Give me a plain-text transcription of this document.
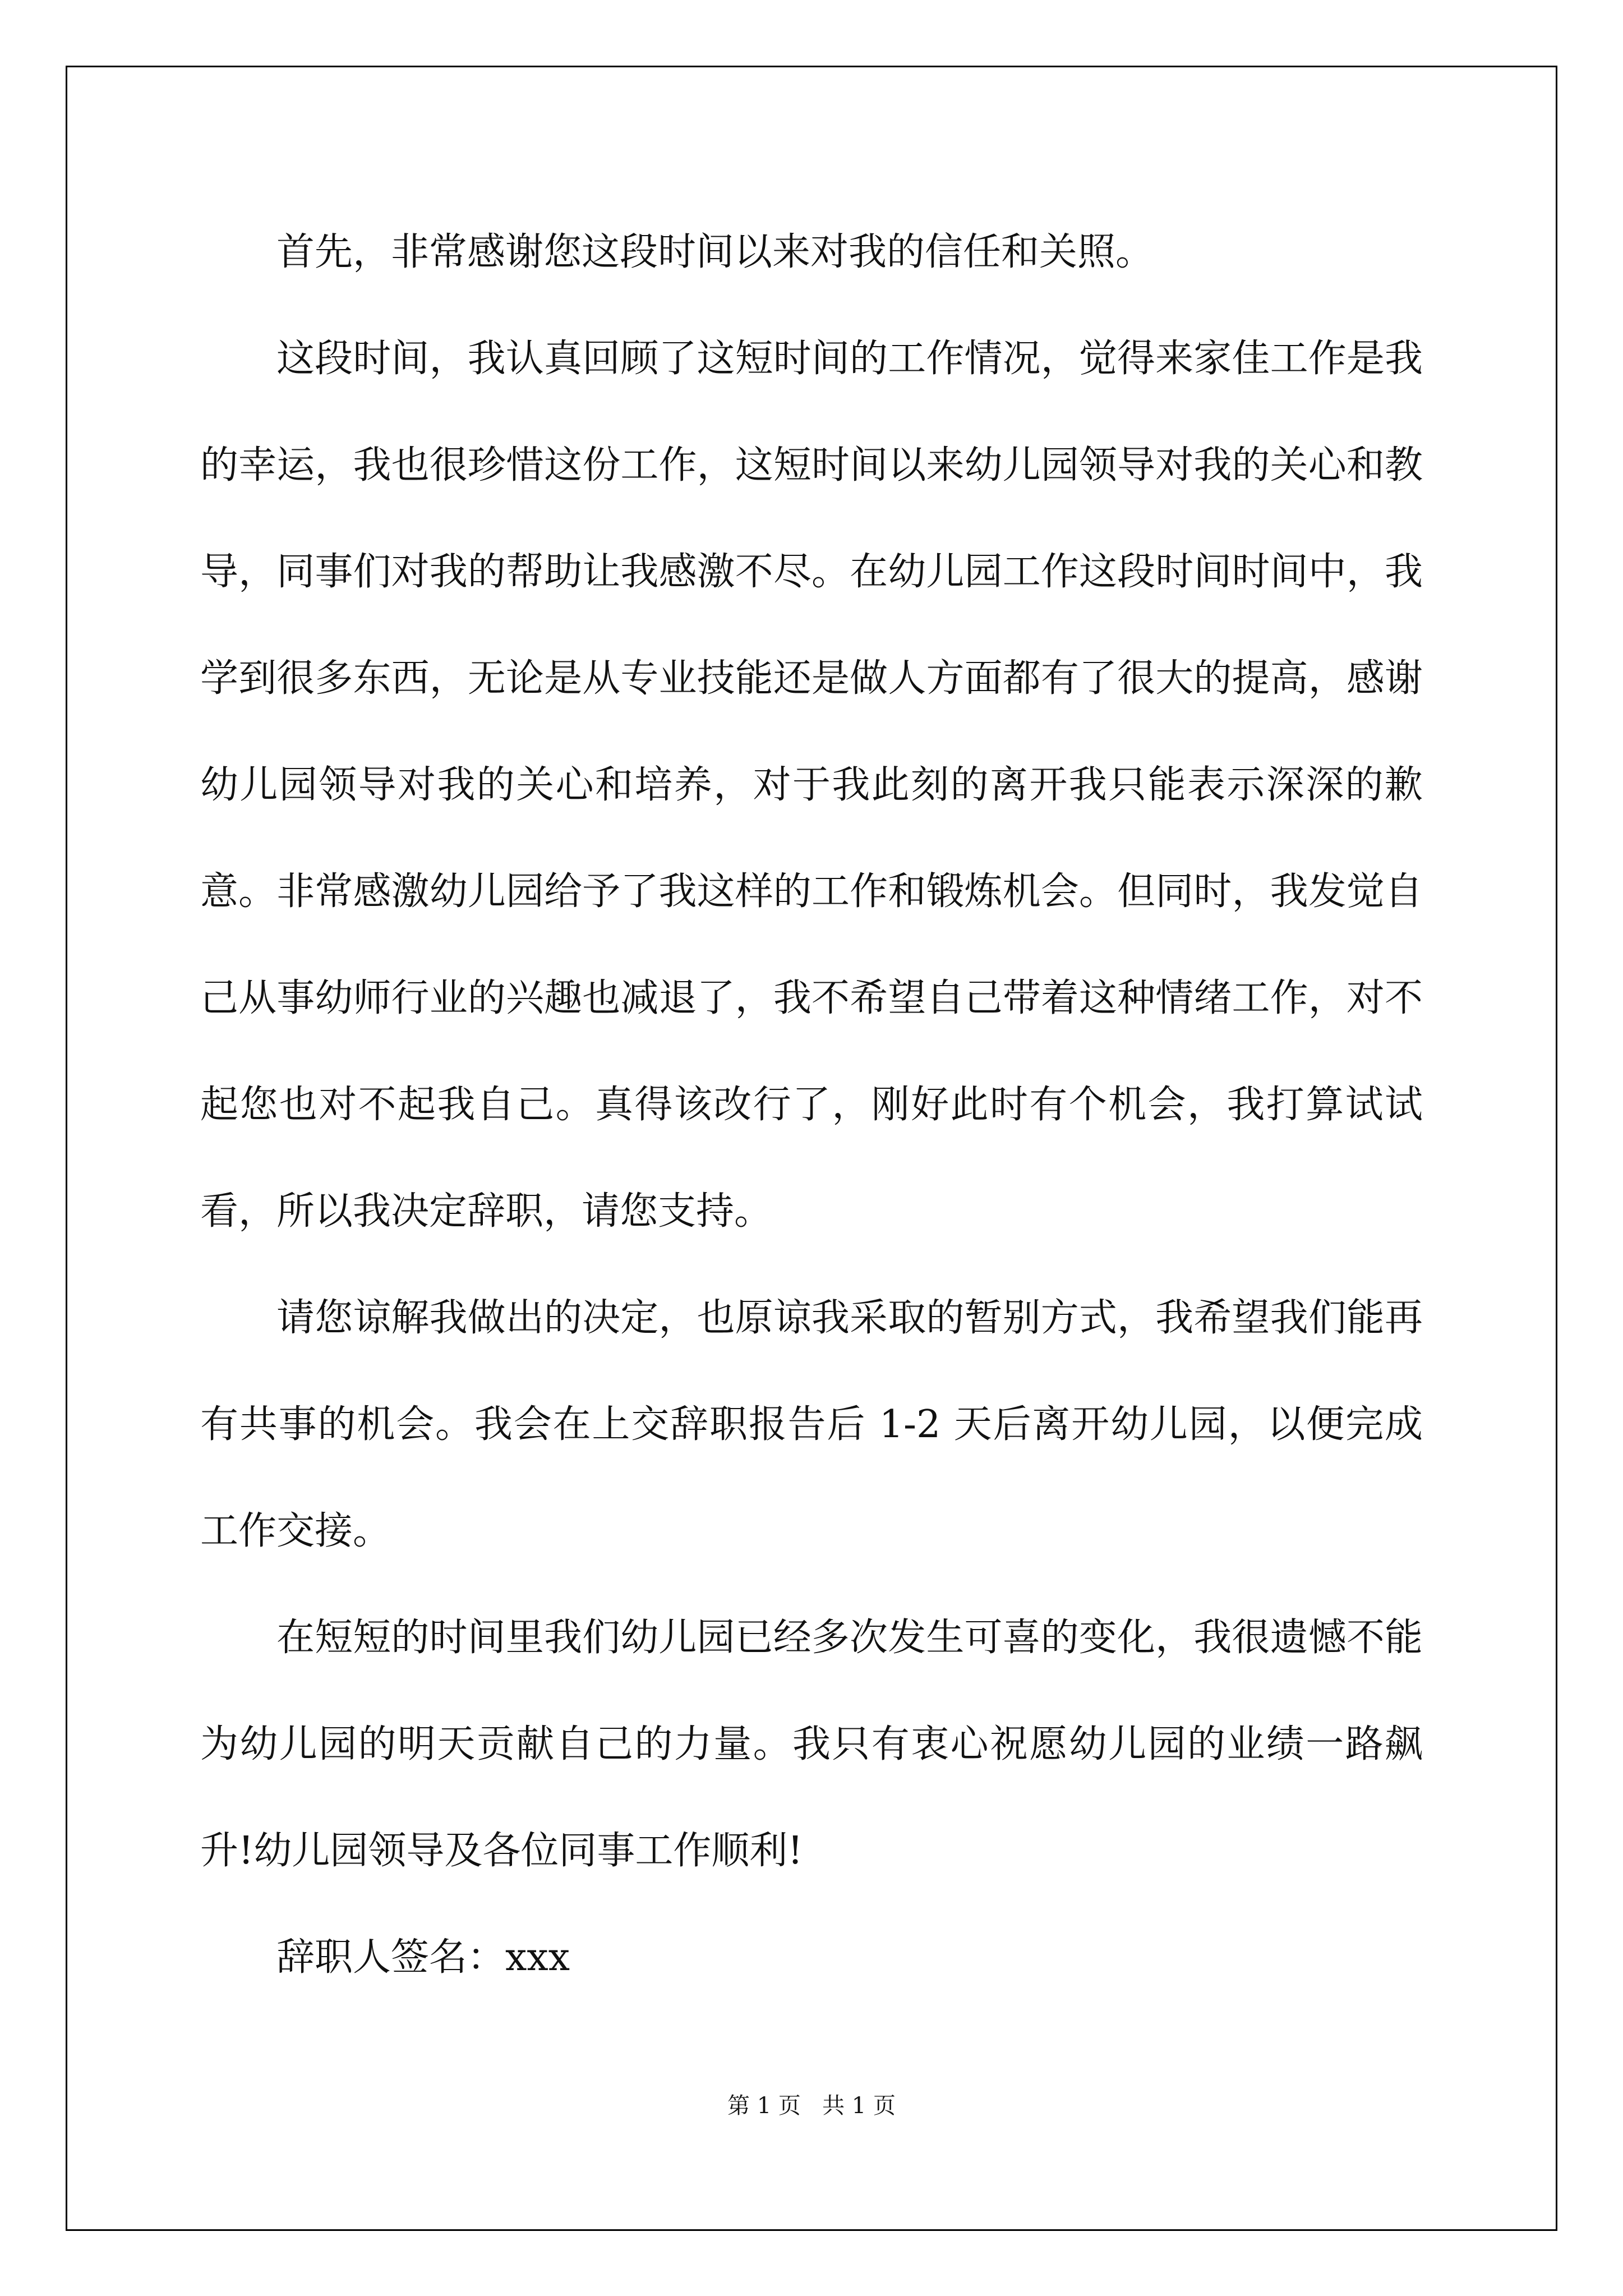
首先，非常感谢您这段时间以来对我的信任和关照。

这段时间，我认真回顾了这短时间的工作情况，觉得来家佳工作是我的幸运，我也很珍惜这份工作，这短时间以来幼儿园领导对我的关心和教导，同事们对我的帮助让我感激不尽。在幼儿园工作这段时间时间中，我学到很多东西，无论是从专业技能还是做人方面都有了很大的提高，感谢幼儿园领导对我的关心和培养，对于我此刻的离开我只能表示深深的歉意。非常感激幼儿园给予了我这样的工作和锻炼机会。但同时，我发觉自己从事幼师行业的兴趣也减退了，我不希望自己带着这种情绪工作，对不起您也对不起我自己。真得该改行了，刚好此时有个机会，我打算试试看，所以我决定辞职，请您支持。

请您谅解我做出的决定，也原谅我采取的暂别方式，我希望我们能再有共事的机会。我会在上交辞职报告后 1-2 天后离开幼儿园，以便完成工作交接。

在短短的时间里我们幼儿园已经多次发生可喜的变化，我很遗憾不能为幼儿园的明天贡献自己的力量。我只有衷心祝愿幼儿园的业绩一路飙升!幼儿园领导及各位同事工作顺利!

辞职人签名：xxx

第 1 页   共 1 页
